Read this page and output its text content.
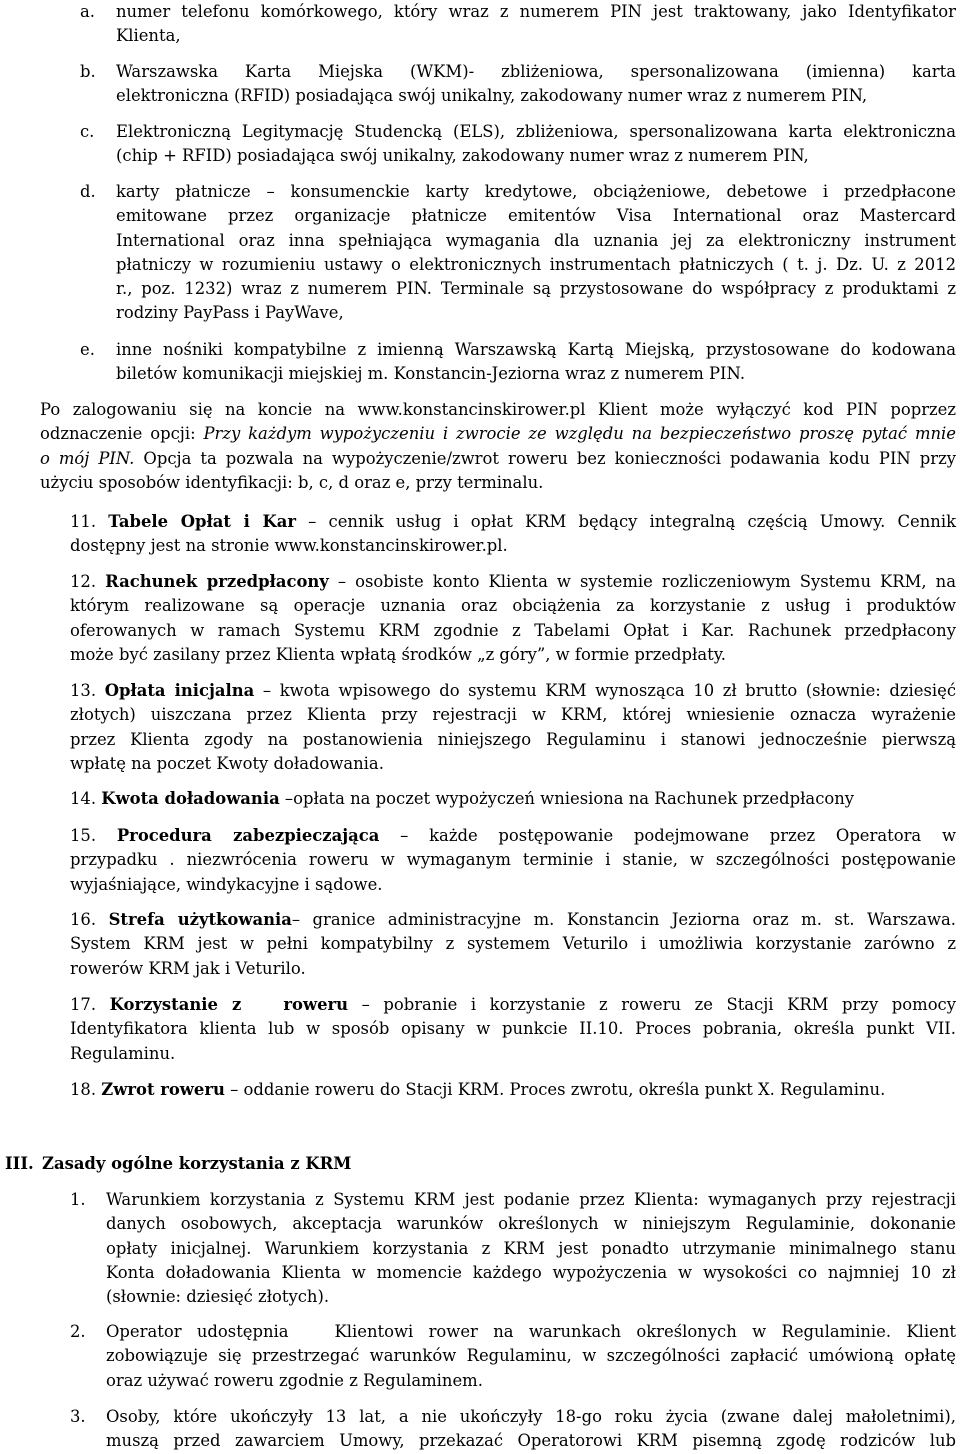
a. numer telefonu komórkowego, który wraz z numerem PIN jest traktowany, jako Identyfikator
Klienta,
b. Warszawska Karta Miejska (WKM)- zbliżeniowa, spersonalizowana (imienna) karta
elektroniczna (RFID) posiadająca swój unikalny, zakodowany numer wraz z numerem PIN,
c. Elektroniczną Legitymację Studencką (ELS), zbliżeniowa, spersonalizowana karta elektroniczna
(chip + RFID) posiadająca swój unikalny, zakodowany numer wraz z numerem PIN,
d. karty płatnicze – konsumenckie karty kredytowe, obciążeniowe, debetowe i przedpłacone
emitowane przez organizacje płatnicze emitentów Visa International oraz Mastercard
International oraz inna spełniająca wymagania dla uznania jej za elektroniczny instrument
płatniczy w rozumieniu ustawy o elektronicznych instrumentach płatniczych ( t. j. Dz. U. z 2012
r., poz. 1232) wraz z numerem PIN. Terminale są przystosowane do współpracy z produktami z
rodziny PayPass i PayWave,
e. inne nośniki kompatybilne z imienną Warszawską Kartą Miejską, przystosowane do kodowana
biletów komunikacji miejskiej m. Konstancin-Jeziorna wraz z numerem PIN.
Po zalogowaniu się na koncie na www.konstancinskirower.pl Klient może wyłączyć kod PIN poprzez
odznaczenie opcji: Przy każdym wypożyczeniu i zwrocie ze względu na bezpieczeństwo proszę pytać mnie
o mój PIN. Opcja ta pozwala na wypożyczenie/zwrot roweru bez konieczności podawania kodu PIN przy
użyciu sposobów identyfikacji: b, c, d oraz e, przy terminalu.
11. Tabele Opłat i Kar – cennik usług i opłat KRM będący integralną częścią Umowy. Cennik
dostępny jest na stronie www.konstancinskirower.pl.
12. Rachunek przedpłacony – osobiste konto Klienta w systemie rozliczeniowym Systemu KRM, na
którym realizowane są operacje uznania oraz obciążenia za korzystanie z usług i produktów
oferowanych w ramach Systemu KRM zgodnie z Tabelami Opłat i Kar. Rachunek przedpłacony
może być zasilany przez Klienta wpłatą środków „z góry”, w formie przedpłaty.
13. Opłata inicjalna – kwota wpisowego do systemu KRM wynosząca 10 zł brutto (słownie: dziesięć
złotych) uiszczana przez Klienta przy rejestracji w KRM, której wniesienie oznacza wyrażenie
przez Klienta zgody na postanowienia niniejszego Regulaminu i stanowi jednocześnie pierwszą
wpłatę na poczet Kwoty doładowania.
14. Kwota doładowania –opłata na poczet wypożyczeń wniesiona na Rachunek przedpłacony
15. Procedura zabezpieczająca – każde postępowanie podejmowane przez Operatora w
przypadku . niezwrócenia roweru w wymaganym terminie i stanie, w szczególności postępowanie
wyjaśniające, windykacyjne i sądowe.
16. Strefa użytkowania– granice administracyjne m. Konstancin Jeziorna oraz m. st. Warszawa.
System KRM jest w pełni kompatybilny z systemem Veturilo i umożliwia korzystanie zarówno z
rowerów KRM jak i Veturilo.
17. Korzystanie z   roweru – pobranie i korzystanie z roweru ze Stacji KRM przy pomocy
Identyfikatora klienta lub w sposób opisany w punkcie II.10. Proces pobrania, określa punkt VII.
Regulaminu.
18. Zwrot roweru – oddanie roweru do Stacji KRM. Proces zwrotu, określa punkt X. Regulaminu.
III. Zasady ogólne korzystania z KRM
1. Warunkiem korzystania z Systemu KRM jest podanie przez Klienta: wymaganych przy rejestracji
danych osobowych, akceptacja warunków określonych w niniejszym Regulaminie, dokonanie
opłaty inicjalnej. Warunkiem korzystania z KRM jest ponadto utrzymanie minimalnego stanu
Konta doładowania Klienta w momencie każdego wypożyczenia w wysokości co najmniej 10 zł
(słownie: dziesięć złotych).
2. Operator udostępnia   Klientowi rower na warunkach określonych w Regulaminie. Klient
zobowiązuje się przestrzegać warunków Regulaminu, w szczególności zapłacić umówioną opłatę
oraz używać roweru zgodnie z Regulaminem.
3. Osoby, które ukończyły 13 lat, a nie ukończyły 18-go roku życia (zwane dalej małoletnimi),
muszą przed zawarciem Umowy, przekazać Operatorowi KRM pisemną zgodę rodziców lub
